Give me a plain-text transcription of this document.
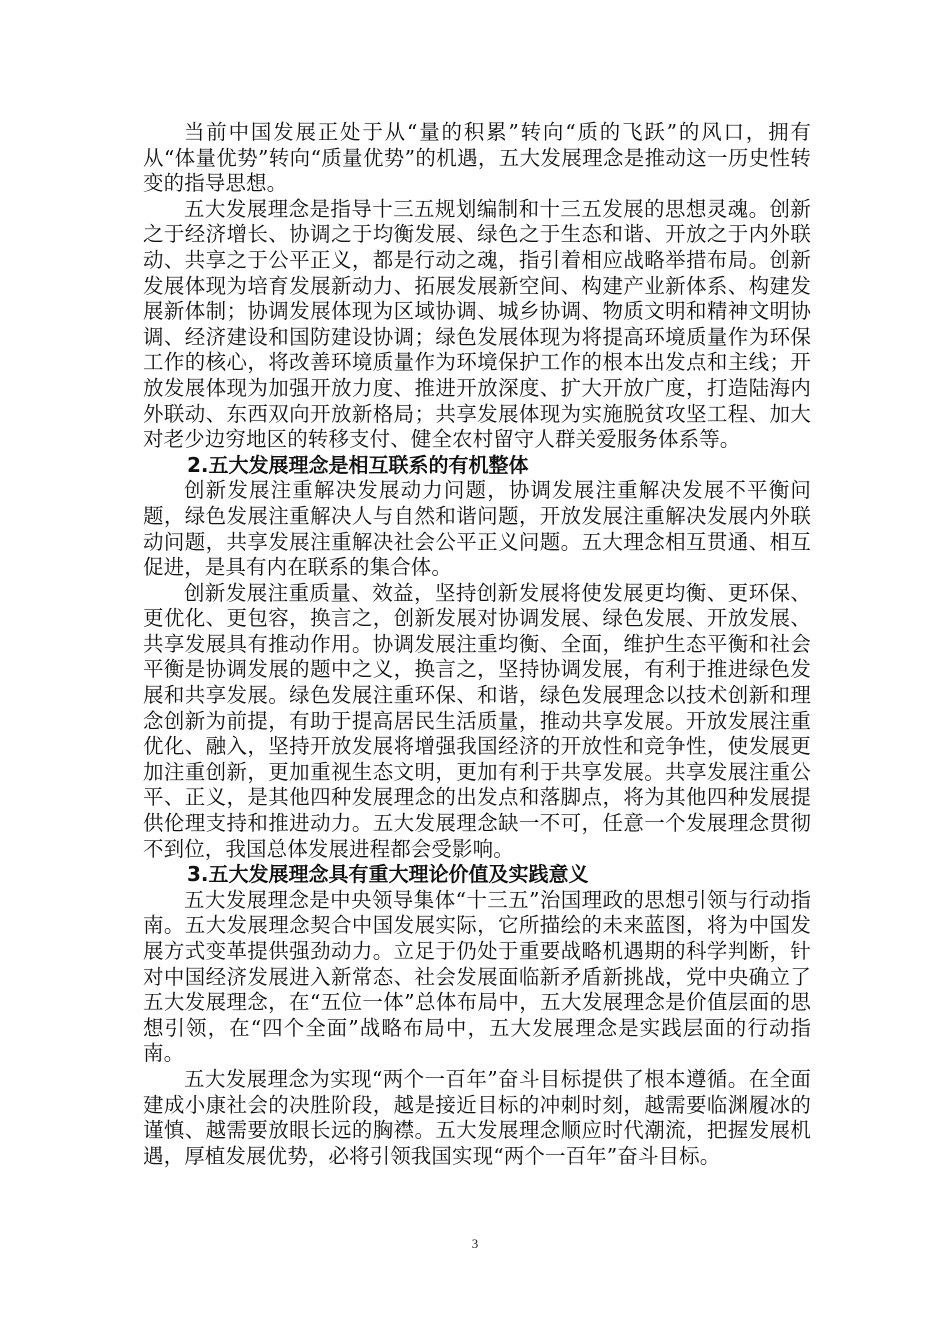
当前中国发展正处于从“量的积累”转向“质的飞跃”的风口，拥有从“体量优势”转向“质量优势”的机遇，五大发展理念是推动这一历史性转变的指导思想。

五大发展理念是指导十三五规划编制和十三五发展的思想灵魂。创新之于经济增长、协调之于均衡发展、绿色之于生态和谐、开放之于内外联动、共享之于公平正义，都是行动之魂，指引着相应战略举措布局。创新发展体现为培育发展新动力、拓展发展新空间、构建产业新体系、构建发展新体制；协调发展体现为区域协调、城乡协调、物质文明和精神文明协调、经济建设和国防建设协调；绿色发展体现为将提高环境质量作为环保工作的核心，将改善环境质量作为环境保护工作的根本出发点和主线；开放发展体现为加强开放力度、推进开放深度、扩大开放广度，打造陆海内外联动、东西双向开放新格局；共享发展体现为实施脱贫攻坚工程、加大对老少边穷地区的转移支付、健全农村留守人群关爱服务体系等。

2.五大发展理念是相互联系的有机整体

创新发展注重解决发展动力问题，协调发展注重解决发展不平衡问题，绿色发展注重解决人与自然和谐问题，开放发展注重解决发展内外联动问题，共享发展注重解决社会公平正义问题。五大理念相互贯通、相互促进，是具有内在联系的集合体。

创新发展注重质量、效益，坚持创新发展将使发展更均衡、更环保、更优化、更包容，换言之，创新发展对协调发展、绿色发展、开放发展、共享发展具有推动作用。协调发展注重均衡、全面，维护生态平衡和社会平衡是协调发展的题中之义，换言之，坚持协调发展，有利于推进绿色发展和共享发展。绿色发展注重环保、和谐，绿色发展理念以技术创新和理念创新为前提，有助于提高居民生活质量，推动共享发展。开放发展注重优化、融入，坚持开放发展将增强我国经济的开放性和竞争性，使发展更加注重创新，更加重视生态文明，更加有利于共享发展。共享发展注重公平、正义，是其他四种发展理念的出发点和落脚点，将为其他四种发展提供伦理支持和推进动力。五大发展理念缺一不可，任意一个发展理念贯彻不到位，我国总体发展进程都会受影响。

3.五大发展理念具有重大理论价值及实践意义

五大发展理念是中央领导集体“十三五”治国理政的思想引领与行动指南。五大发展理念契合中国发展实际，它所描绘的未来蓝图，将为中国发展方式变革提供强劲动力。立足于仍处于重要战略机遇期的科学判断，针对中国经济发展进入新常态、社会发展面临新矛盾新挑战，党中央确立了五大发展理念，在“五位一体”总体布局中，五大发展理念是价值层面的思想引领，在“四个全面”战略布局中，五大发展理念是实践层面的行动指南。

五大发展理念为实现“两个一百年”奋斗目标提供了根本遵循。在全面建成小康社会的决胜阶段，越是接近目标的冲刺时刻，越需要临渊履冰的谨慎、越需要放眼长远的胸襟。五大发展理念顺应时代潮流，把握发展机遇，厚植发展优势，必将引领我国实现“两个一百年”奋斗目标。

3
